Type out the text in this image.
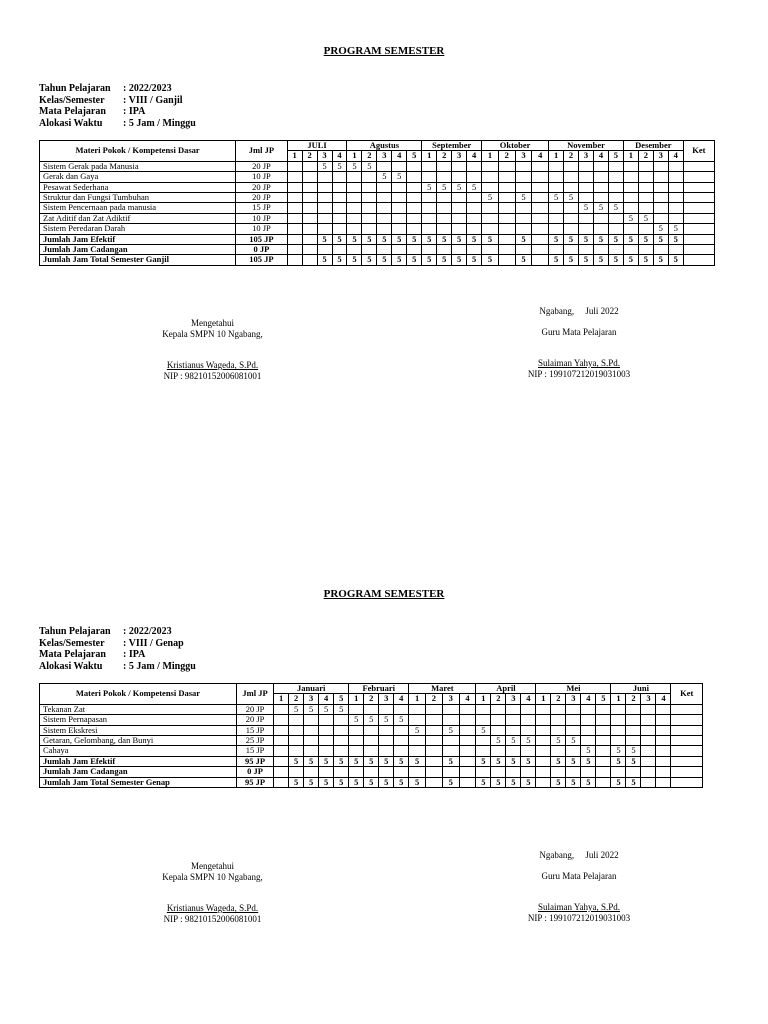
PROGRAM SEMESTER
Tahun Pelajaran	: 2022/2023
Kelas/Semester	: VIII / Ganjil
Mata Pelajaran	: IPA
Alokasi Waktu	: 5 Jam / Minggu
Materi Pokok / Kompetensi Dasar	Jml JP	JULI				Agustus					September				Oktober				November					Desember				Ket
		1	2	3	4	1	2	3	4	5	1	2	3	4	1	2	3	4	1	2	3	4	5	1	2	3	4	
Sistem Gerak pada Manusia	20 JP			5	5	5	5																					
Gerak dan Gaya	10 JP							5	5																			
Pesawat Sederhana	20 JP										5	5	5	5														
Struktur dan Fungsi Tumbuhan	20 JP														5		5		5	5								
Sistem Pencernaan pada manusia	15 JP																				5	5	5					
Zat Aditif dan Zat Adiktif	10 JP																							5	5			
Sistem Peredaran Darah	10 JP																									5	5	
Jumlah Jam Efektif	105 JP			5	5	5	5	5	5	5	5	5	5	5	5		5		5	5	5	5	5	5	5	5	5	
Jumlah Jam Cadangan	0 JP																											
Jumlah Jam Total Semester Ganjil	105 JP			5	5	5	5	5	5	5	5	5	5	5	5		5		5	5	5	5	5	5	5	5	5	
Mengetahui
Kepala SMPN 10 Ngabang,
Kristianus Wageda, S.Pd.
NIP : 98210152006081001
Ngabang,     Juli 2022
Guru Mata Pelajaran
Sulaiman Yahya, S.Pd.
NIP : 199107212019031003
PROGRAM SEMESTER
Tahun Pelajaran	: 2022/2023
Kelas/Semester	: VIII / Genap
Mata Pelajaran	: IPA
Alokasi Waktu	: 5 Jam / Minggu
Materi Pokok / Kompetensi Dasar	Jml JP	Januari					Februari				Maret				April				Mei					Juni				Ket
		1	2	3	4	5	1	2	3	4	1	2	3	4	1	2	3	4	1	2	3	4	5	1	2	3	4	
Tekanan Zat	20 JP		5	5	5	5																						
Sistem Pernapasan	20 JP						5	5	5	5																		
Sistem Ekskresi	15 JP										5		5		5													
Getaran, Gelombang, dan Bunyi	25 JP															5	5	5		5	5							
Cahaya	15 JP																					5		5	5			
Jumlah Jam Efektif	95 JP		5	5	5	5	5	5	5	5	5		5		5	5	5	5		5	5	5		5	5			
Jumlah Jam Cadangan	0 JP																											
Jumlah Jam Total Semester Genap	95 JP		5	5	5	5	5	5	5	5	5		5		5	5	5	5		5	5	5		5	5			
Mengetahui
Kepala SMPN 10 Ngabang,
Kristianus Wageda, S.Pd.
NIP : 98210152006081001
Ngabang,     Juli 2022
Guru Mata Pelajaran
Sulaiman Yahya, S.Pd.
NIP : 199107212019031003
